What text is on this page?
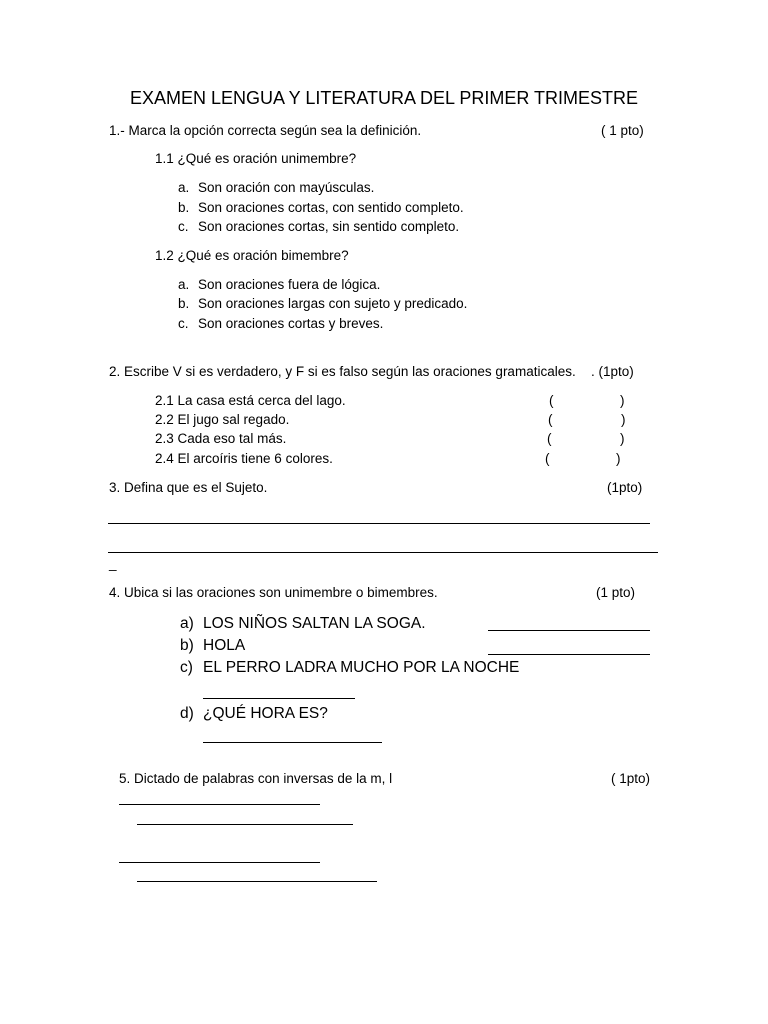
EXAMEN LENGUA Y LITERATURA DEL PRIMER TRIMESTRE
1.- Marca la opción correcta según sea la definición.	( 1 pto)
1.1 ¿Qué es oración unimembre?
a. Son oración con mayúsculas.
b. Son oraciones cortas, con sentido completo.
c. Son oraciones cortas, sin sentido completo.
1.2 ¿Qué es oración bimembre?
a. Son oraciones fuera de lógica.
b. Son oraciones largas con sujeto y predicado.
c. Son oraciones cortas y breves.
2. Escribe V si es verdadero, y F si es falso según las oraciones gramaticales. . (1pto)
2.1 La casa está cerca del lago.	(	)
2.2 El jugo sal regado.	(	)
2.3 Cada eso tal más.	(	)
2.4 El arcoíris tiene 6 colores.	(	)
3. Defina que es el Sujeto.	(1pto)
_
4. Ubica si las oraciones son unimembre o bimembres.	(1 pto)
a) LOS NIÑOS SALTAN LA SOGA.
b) HOLA
c) EL PERRO LADRA MUCHO POR LA NOCHE
d) ¿QUÉ HORA ES?
5. Dictado de palabras con inversas de la m, l	( 1pto)
